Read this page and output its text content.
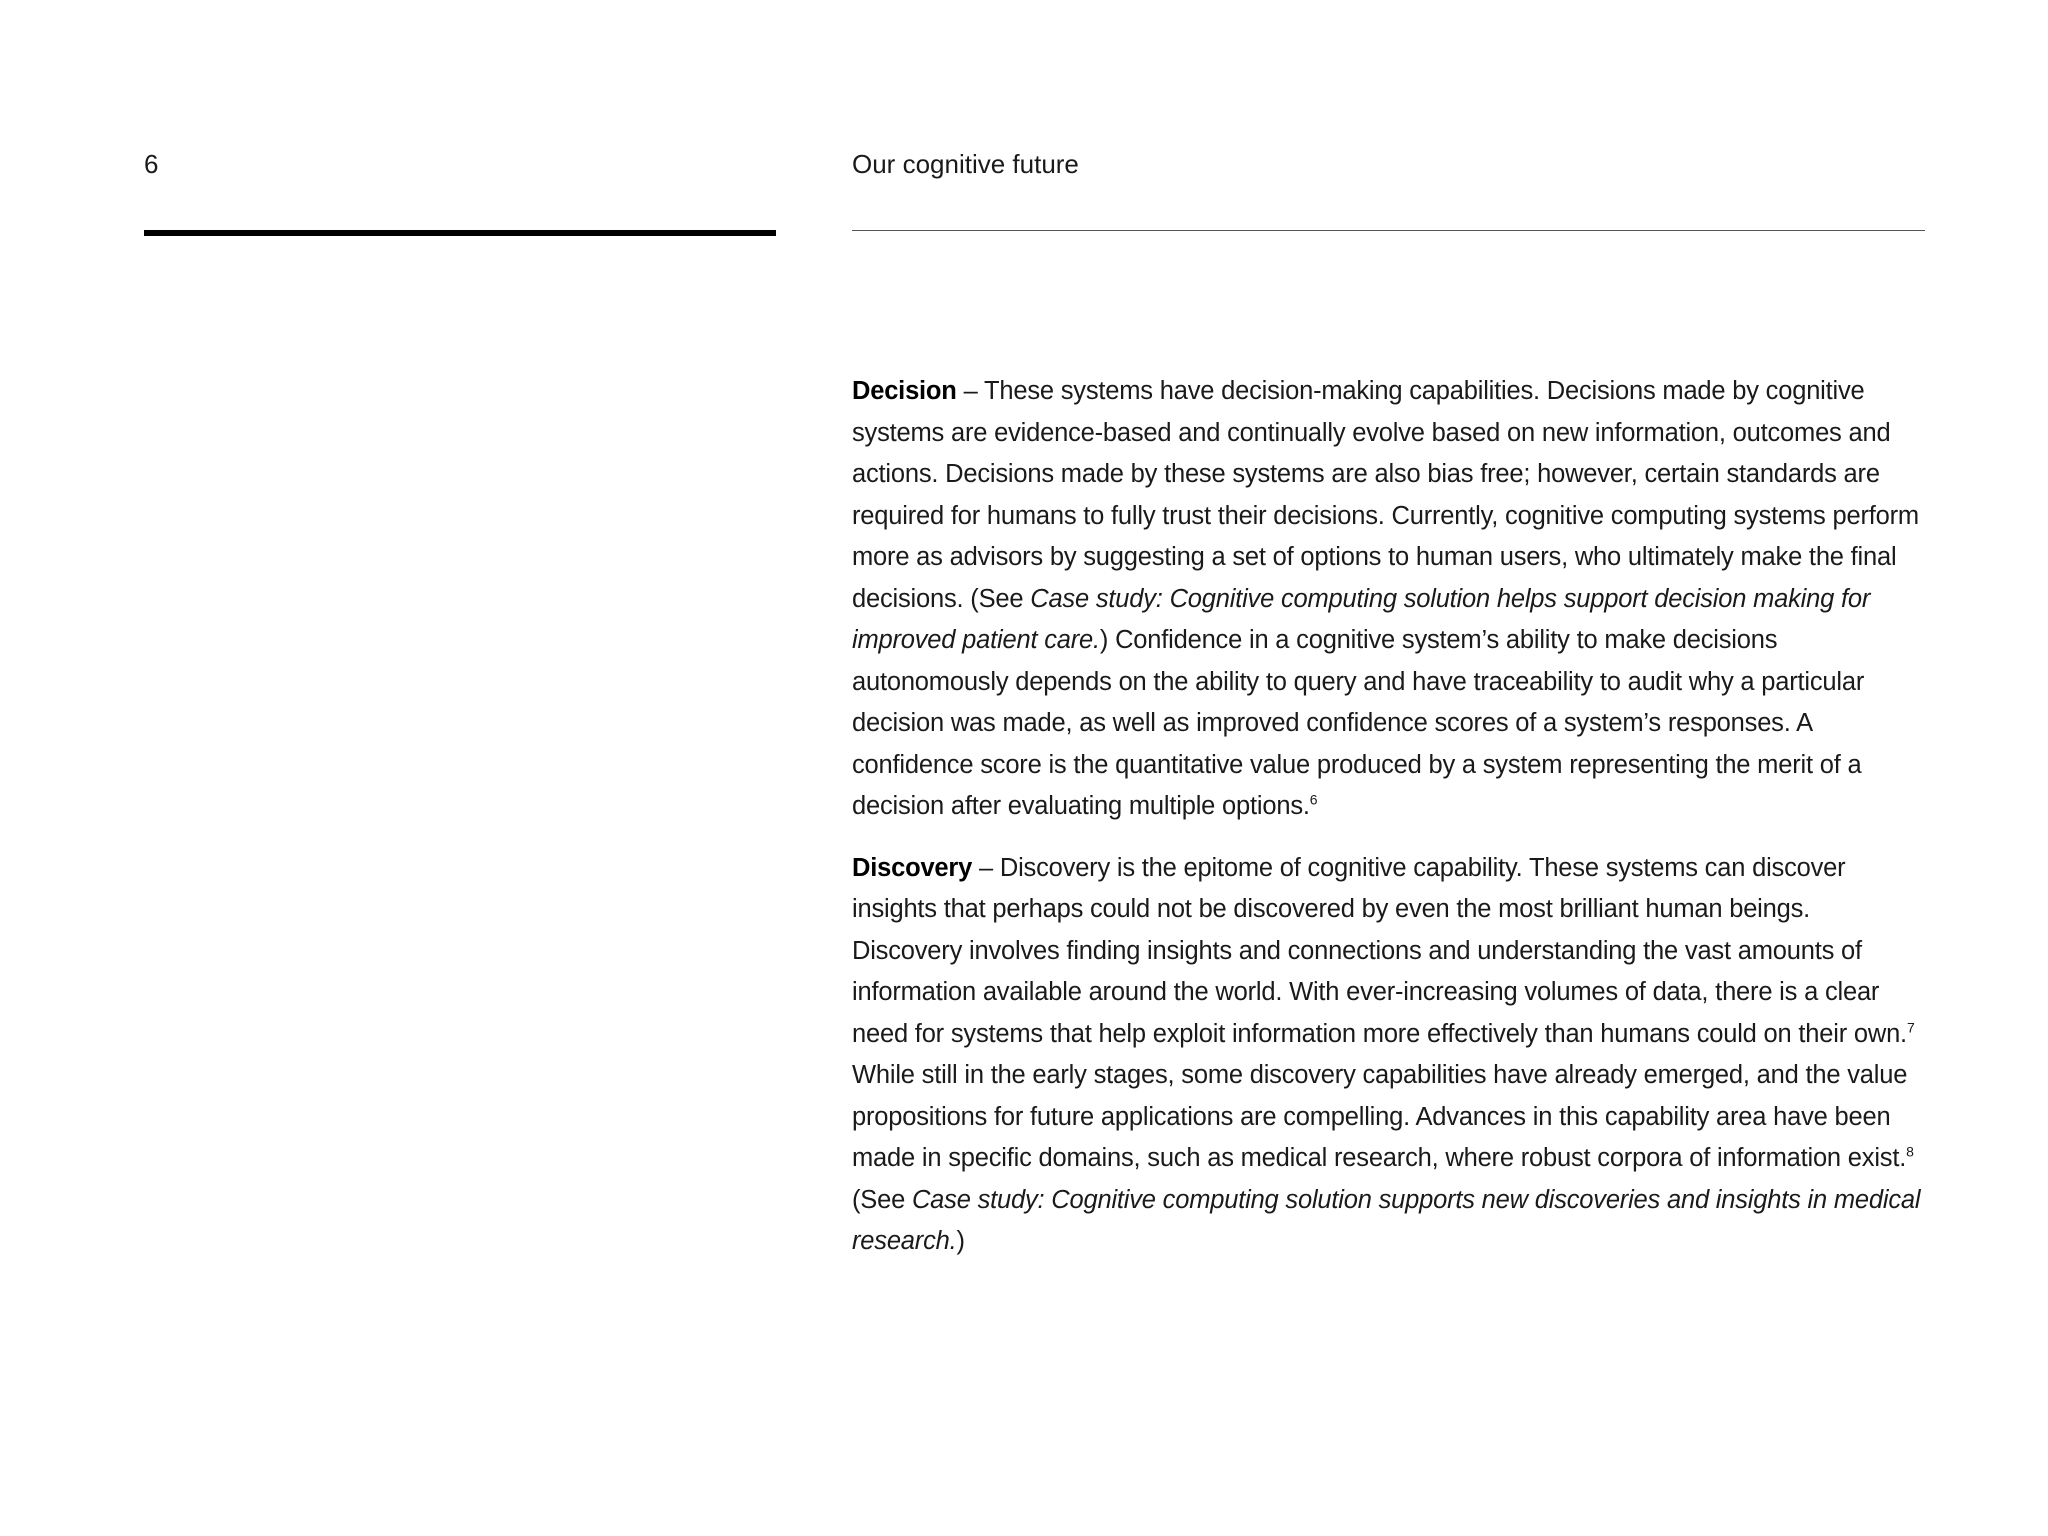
6	Our cognitive future

Decision – These systems have decision-making capabilities. Decisions made by cognitive systems are evidence-based and continually evolve based on new information, outcomes and actions. Decisions made by these systems are also bias free; however, certain standards are required for humans to fully trust their decisions. Currently, cognitive computing systems perform more as advisors by suggesting a set of options to human users, who ultimately make the final decisions. (See Case study: Cognitive computing solution helps support decision making for improved patient care.) Confidence in a cognitive system’s ability to make decisions autonomously depends on the ability to query and have traceability to audit why a particular decision was made, as well as improved confidence scores of a system’s responses. A confidence score is the quantitative value produced by a system representing the merit of a decision after evaluating multiple options.$^6$

Discovery – Discovery is the epitome of cognitive capability. These systems can discover insights that perhaps could not be discovered by even the most brilliant human beings. Discovery involves finding insights and connections and understanding the vast amounts of information available around the world. With ever-increasing volumes of data, there is a clear need for systems that help exploit information more effectively than humans could on their own.$^7$ While still in the early stages, some discovery capabilities have already emerged, and the value propositions for future applications are compelling. Advances in this capability area have been made in specific domains, such as medical research, where robust corpora of information exist.$^8$ (See Case study: Cognitive computing solution supports new discoveries and insights in medical research.)
